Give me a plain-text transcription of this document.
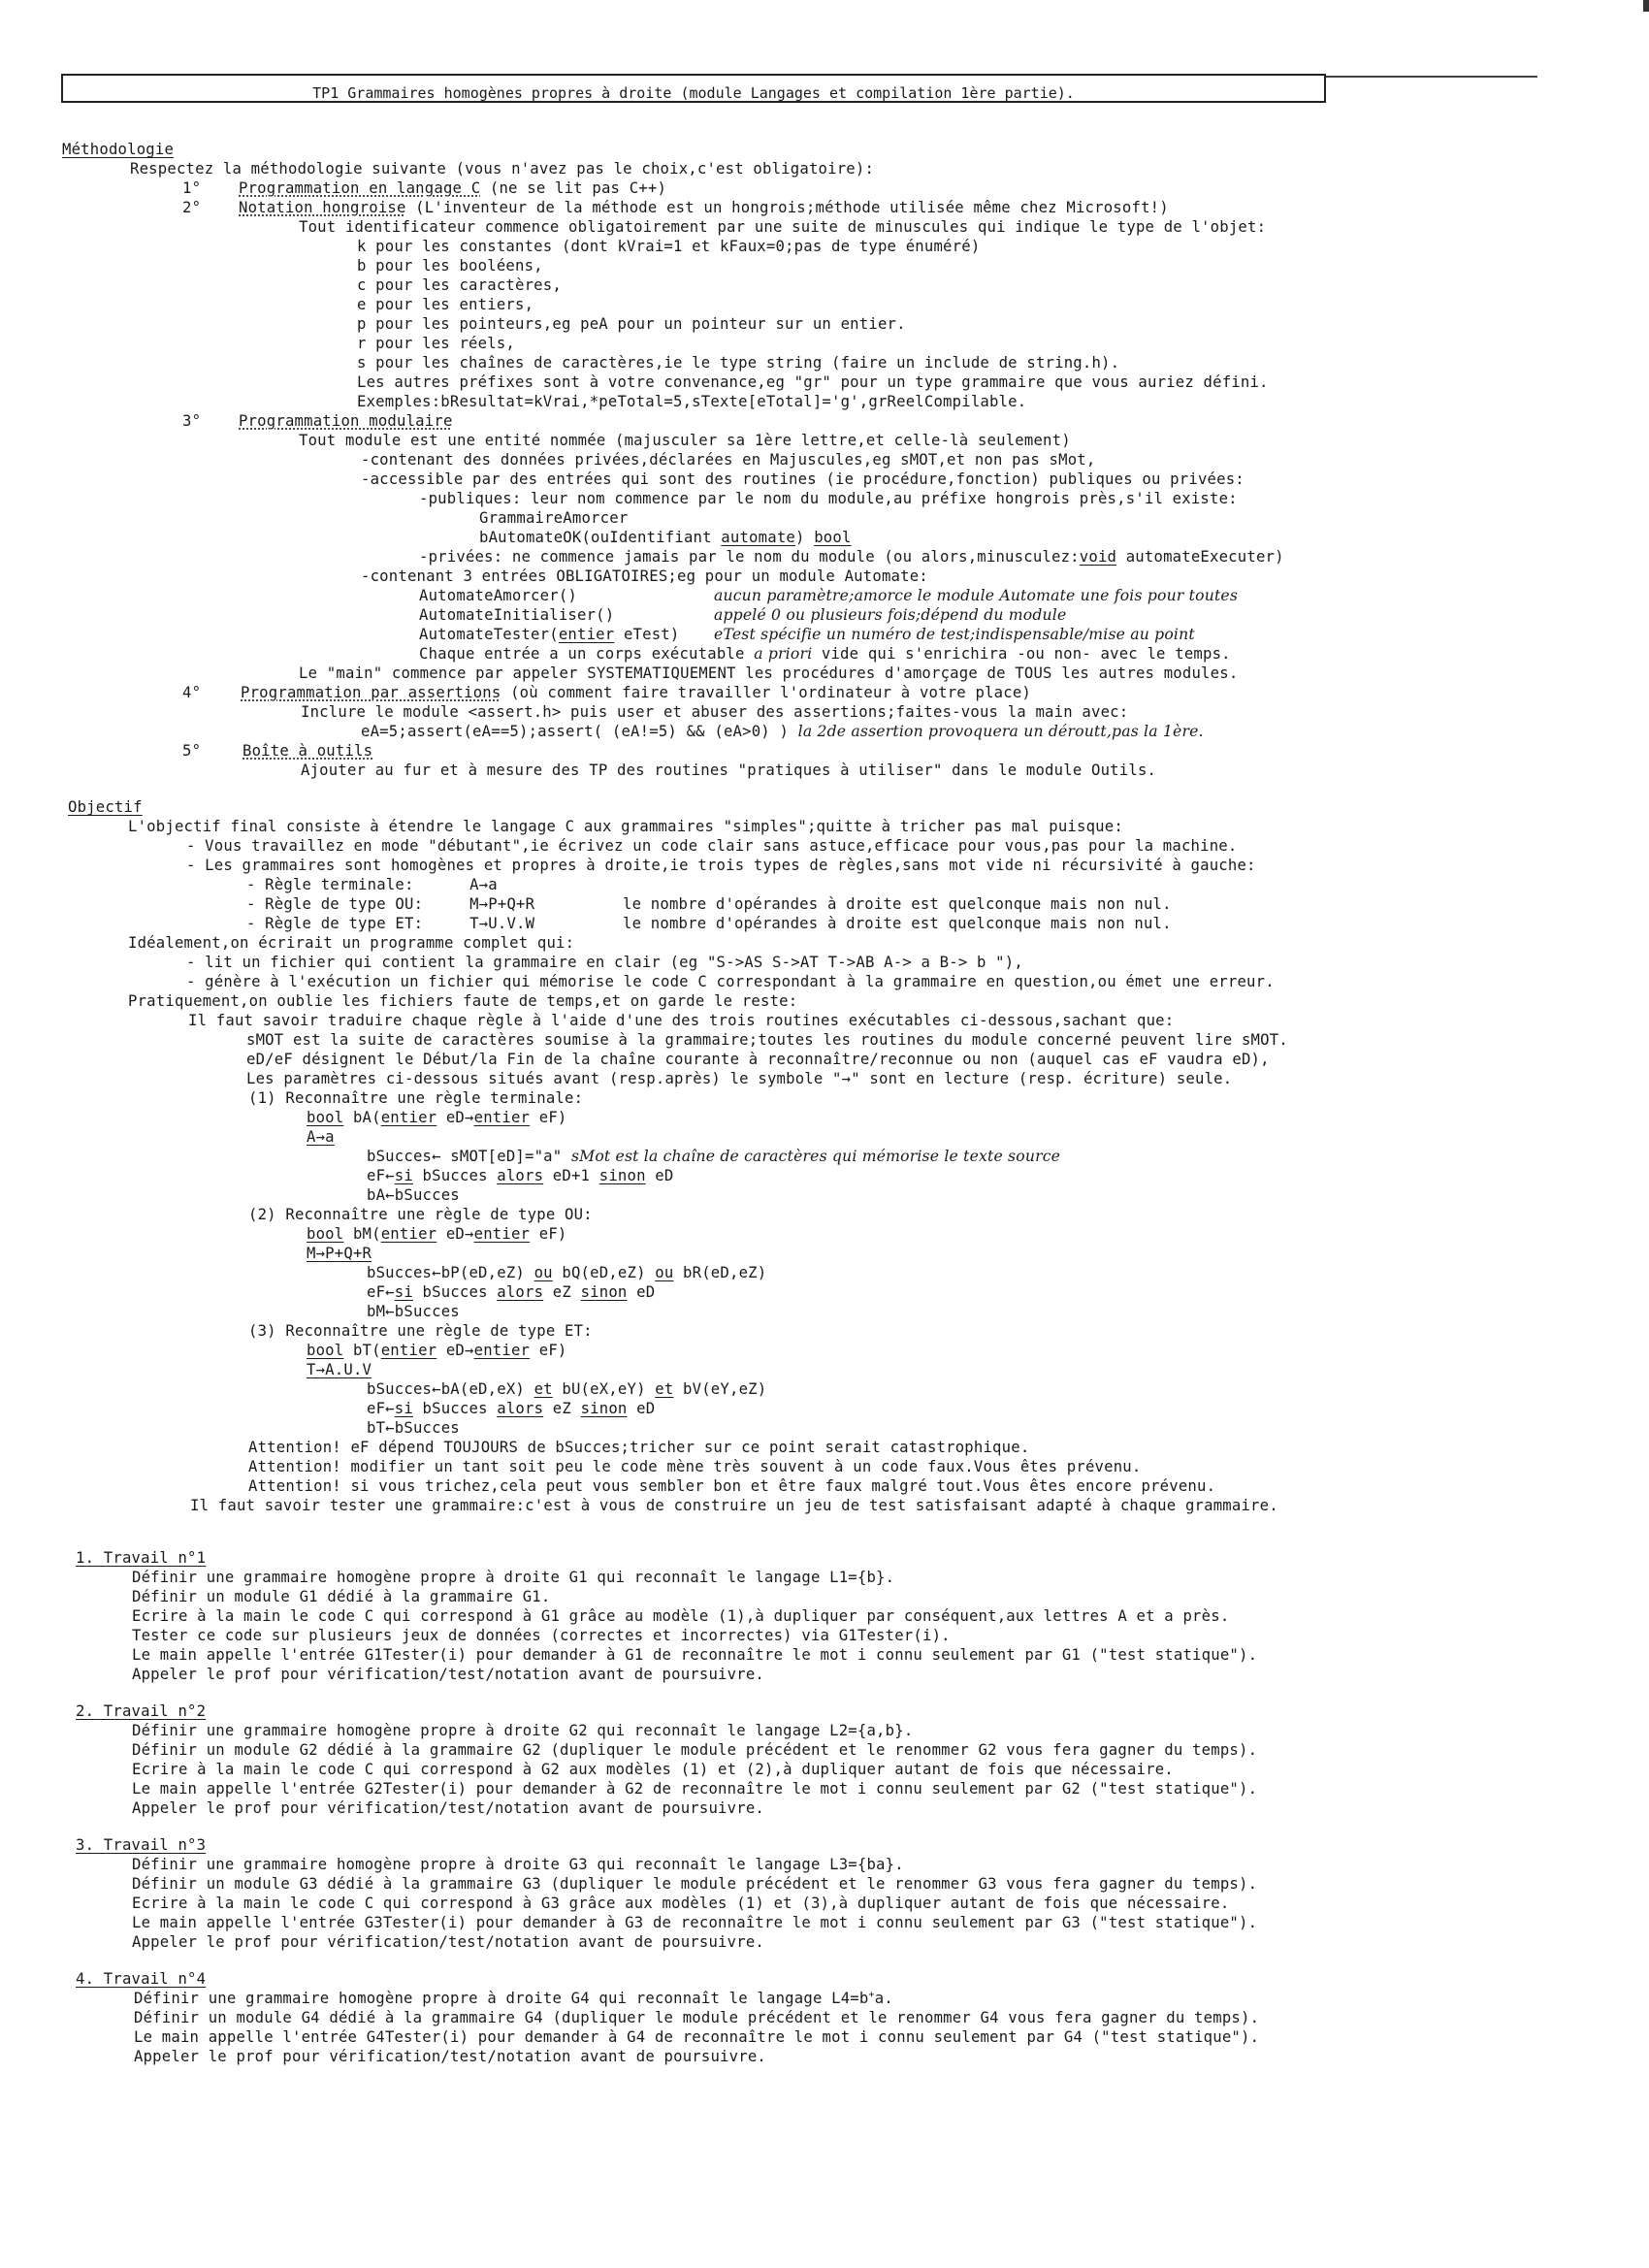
TP1 Grammaires homogènes propres à droite (module Langages et compilation 1ère partie).
Méthodologie
Respectez la méthodologie suivante (vous n'avez pas le choix,c'est obligatoire):
1° Programmation en langage C (ne se lit pas C++)
2° Notation hongroise (L'inventeur de la méthode est un hongrois;méthode utilisée même chez Microsoft!)
Tout identificateur commence obligatoirement par une suite de minuscules qui indique le type de l'objet:
k pour les constantes (dont kVrai=1 et kFaux=0;pas de type énuméré)
b pour les booléens,
c pour les caractères,
e pour les entiers,
p pour les pointeurs,eg peA pour un pointeur sur un entier.
r pour les réels,
s pour les chaînes de caractères,ie le type string (faire un include de string.h).
Les autres préfixes sont à votre convenance,eg "gr" pour un type grammaire que vous auriez défini.
Exemples:bResultat=kVrai,*peTotal=5,sTexte[eTotal]='g',grReelCompilable.
3° Programmation modulaire
Tout module est une entité nommée (majusculer sa 1ère lettre,et celle-là seulement)
-contenant des données privées,déclarées en Majuscules,eg sMOT,et non pas sMot,
-accessible par des entrées qui sont des routines (ie procédure,fonction) publiques ou privées:
-publiques: leur nom commence par le nom du module,au préfixe hongrois près,s'il existe:
GrammaireAmorcer
bAutomateOK(ouIdentifiant automate) bool
-privées: ne commence jamais par le nom du module (ou alors,minusculez:void automateExecuter)
-contenant 3 entrées OBLIGATOIRES;eg pour un module Automate:
AutomateAmorcer()	aucun paramètre;amorce le module Automate une fois pour toutes
AutomateInitialiser()	appelé 0 ou plusieurs fois;dépend du module
AutomateTester(entier eTest) eTest spécifie un numéro de test;indispensable/mise au point
Chaque entrée a un corps exécutable a priori vide qui s'enrichira -ou non- avec le temps.
Le "main" commence par appeler SYSTEMATIQUEMENT les procédures d'amorçage de TOUS les autres modules.
4°	Programmation par assertions (où comment faire travailler l'ordinateur à votre place)
Inclure le module <assert.h> puis user et abuser des assertions;faites-vous la main avec:
eA=5;assert(eA==5);assert( (eA!=5) && (eA>0) ) la 2de assertion provoquera un déroutt,pas la 1ère.
5°	Boîte à outils
Ajouter au fur et à mesure des TP des routines "pratiques à utiliser" dans le module Outils.
Objectif
L'objectif final consiste à étendre le langage C aux grammaires "simples";quitte à tricher pas mal puisque:
- Vous travaillez en mode "débutant",ie écrivez un code clair sans astuce,efficace pour vous,pas pour la machine.
- Les grammaires sont homogènes et propres à droite,ie trois types de règles,sans mot vide ni récursivité à gauche:
- Règle terminale:      A→a
- Règle de type OU:     M→P+Q+R	le nombre d'opérandes à droite est quelconque mais non nul.
- Règle de type ET:     T→U.V.W	le nombre d'opérandes à droite est quelconque mais non nul.
Idéalement,on écrirait un programme complet qui:
- lit un fichier qui contient la grammaire en clair (eg "S->AS S->AT T->AB A-> a B-> b "),
- génère à l'exécution un fichier qui mémorise le code C correspondant à la grammaire en question,ou émet une erreur.
Pratiquement,on oublie les fichiers faute de temps,et on garde le reste:
Il faut savoir traduire chaque règle à l'aide d'une des trois routines exécutables ci-dessous,sachant que:
sMOT est la suite de caractères soumise à la grammaire;toutes les routines du module concerné peuvent lire sMOT.
eD/eF désignent le Début/la Fin de la chaîne courante à reconnaître/reconnue ou non (auquel cas eF vaudra eD),
Les paramètres ci-dessous situés avant (resp.après) le symbole "→" sont en lecture (resp. écriture) seule.
(1) Reconnaître une règle terminale:
bool bA(entier eD→entier eF)
A→a
bSucces← sMOT[eD]="a" sMot est la chaîne de caractères qui mémorise le texte source
eF←si bSucces alors eD+1 sinon eD
bA←bSucces
(2) Reconnaître une règle de type OU:
bool bM(entier eD→entier eF)
M→P+Q+R
bSucces←bP(eD,eZ) ou bQ(eD,eZ) ou bR(eD,eZ)
eF←si bSucces alors eZ sinon eD
bM←bSucces
(3) Reconnaître une règle de type ET:
bool bT(entier eD→entier eF)
T→A.U.V
bSucces←bA(eD,eX) et bU(eX,eY) et bV(eY,eZ)
eF←si bSucces alors eZ sinon eD
bT←bSucces
Attention! eF dépend TOUJOURS de bSucces;tricher sur ce point serait catastrophique.
Attention! modifier un tant soit peu le code mène très souvent à un code faux.Vous êtes prévenu.
Attention! si vous trichez,cela peut vous sembler bon et être faux malgré tout.Vous êtes encore prévenu.
Il faut savoir tester une grammaire:c'est à vous de construire un jeu de test satisfaisant adapté à chaque grammaire.
1. Travail n°1
Définir une grammaire homogène propre à droite G1 qui reconnaît le langage L1={b}.
Définir un module G1 dédié à la grammaire G1.
Ecrire à la main le code C qui correspond à G1 grâce au modèle (1),à dupliquer par conséquent,aux lettres A et a près.
Tester ce code sur plusieurs jeux de données (correctes et incorrectes) via G1Tester(i).
Le main appelle l'entrée G1Tester(i) pour demander à G1 de reconnaître le mot i connu seulement par G1 ("test statique").
Appeler le prof pour vérification/test/notation avant de poursuivre.
2. Travail n°2
Définir une grammaire homogène propre à droite G2 qui reconnaît le langage L2={a,b}.
Définir un module G2 dédié à la grammaire G2 (dupliquer le module précédent et le renommer G2 vous fera gagner du temps).
Ecrire à la main le code C qui correspond à G2 aux modèles (1) et (2),à dupliquer autant de fois que nécessaire.
Le main appelle l'entrée G2Tester(i) pour demander à G2 de reconnaître le mot i connu seulement par G2 ("test statique").
Appeler le prof pour vérification/test/notation avant de poursuivre.
3. Travail n°3
Définir une grammaire homogène propre à droite G3 qui reconnaît le langage L3={ba}.
Définir un module G3 dédié à la grammaire G3 (dupliquer le module précédent et le renommer G3 vous fera gagner du temps).
Ecrire à la main le code C qui correspond à G3 grâce aux modèles (1) et (3),à dupliquer autant de fois que nécessaire.
Le main appelle l'entrée G3Tester(i) pour demander à G3 de reconnaître le mot i connu seulement par G3 ("test statique").
Appeler le prof pour vérification/test/notation avant de poursuivre.
4. Travail n°4
Définir une grammaire homogène propre à droite G4 qui reconnaît le langage L4=b+a.
Définir un module G4 dédié à la grammaire G4 (dupliquer le module précédent et le renommer G4 vous fera gagner du temps).
Le main appelle l'entrée G4Tester(i) pour demander à G4 de reconnaître le mot i connu seulement par G4 ("test statique").
Appeler le prof pour vérification/test/notation avant de poursuivre.
